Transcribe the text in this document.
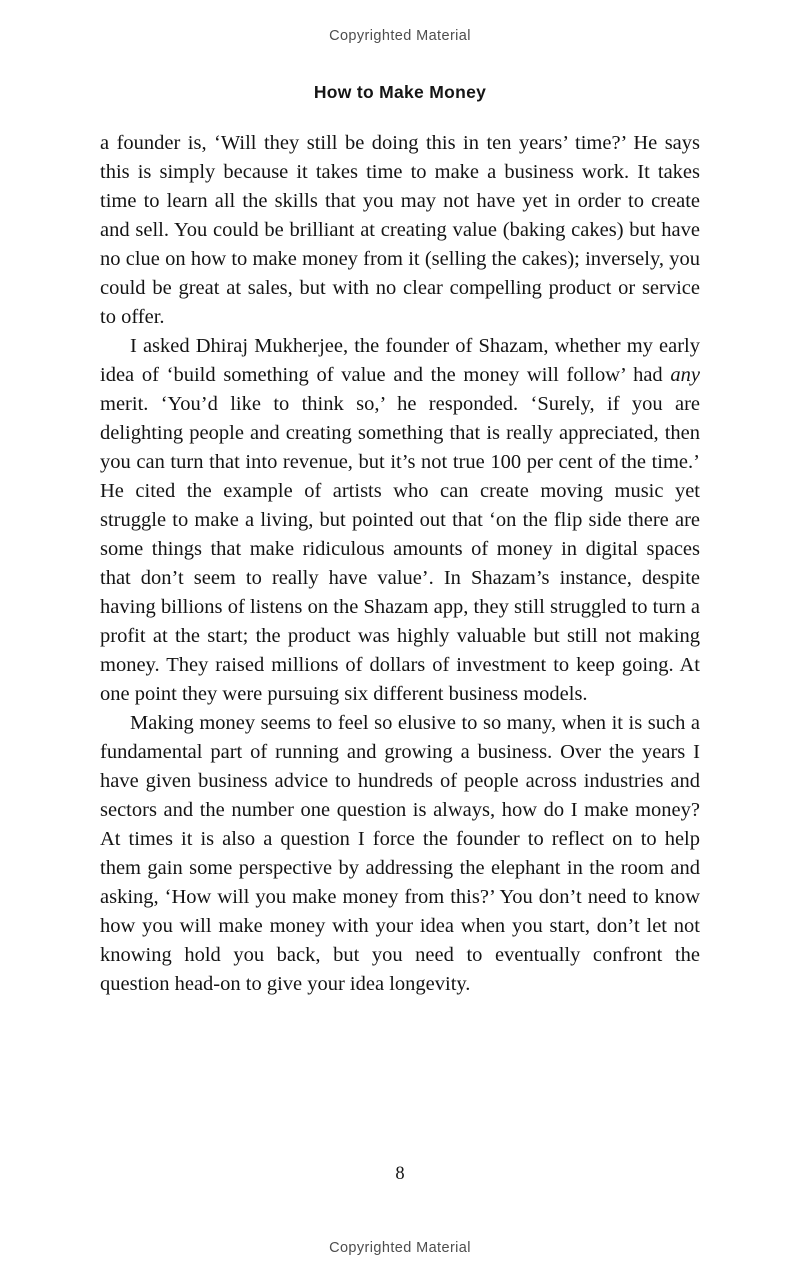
Copyrighted Material
How to Make Money

a founder is, ‘Will they still be doing this in ten years’ time?’ He says this is simply because it takes time to make a business work. It takes time to learn all the skills that you may not have yet in order to create and sell. You could be brilliant at creating value (baking cakes) but have no clue on how to make money from it (selling the cakes); inversely, you could be great at sales, but with no clear compelling product or service to offer.

I asked Dhiraj Mukherjee, the founder of Shazam, whether my early idea of ‘build something of value and the money will follow’ had any merit. ‘You’d like to think so,’ he responded. ‘Surely, if you are delighting people and creating something that is really appreciated, then you can turn that into revenue, but it’s not true 100 per cent of the time.’ He cited the example of artists who can create moving music yet struggle to make a living, but pointed out that ‘on the flip side there are some things that make ridiculous amounts of money in digital spaces that don’t seem to really have value’. In Shazam’s instance, despite having billions of listens on the Shazam app, they still struggled to turn a profit at the start; the product was highly valuable but still not making money. They raised millions of dollars of investment to keep going. At one point they were pursuing six different business models.

Making money seems to feel so elusive to so many, when it is such a fundamental part of running and growing a business. Over the years I have given business advice to hundreds of people across industries and sectors and the number one question is always, how do I make money? At times it is also a question I force the founder to reflect on to help them gain some perspective by addressing the elephant in the room and asking, ‘How will you make money from this?’ You don’t need to know how you will make money with your idea when you start, don’t let not knowing hold you back, but you need to eventually confront the question head-on to give your idea longevity.

8
Copyrighted Material
